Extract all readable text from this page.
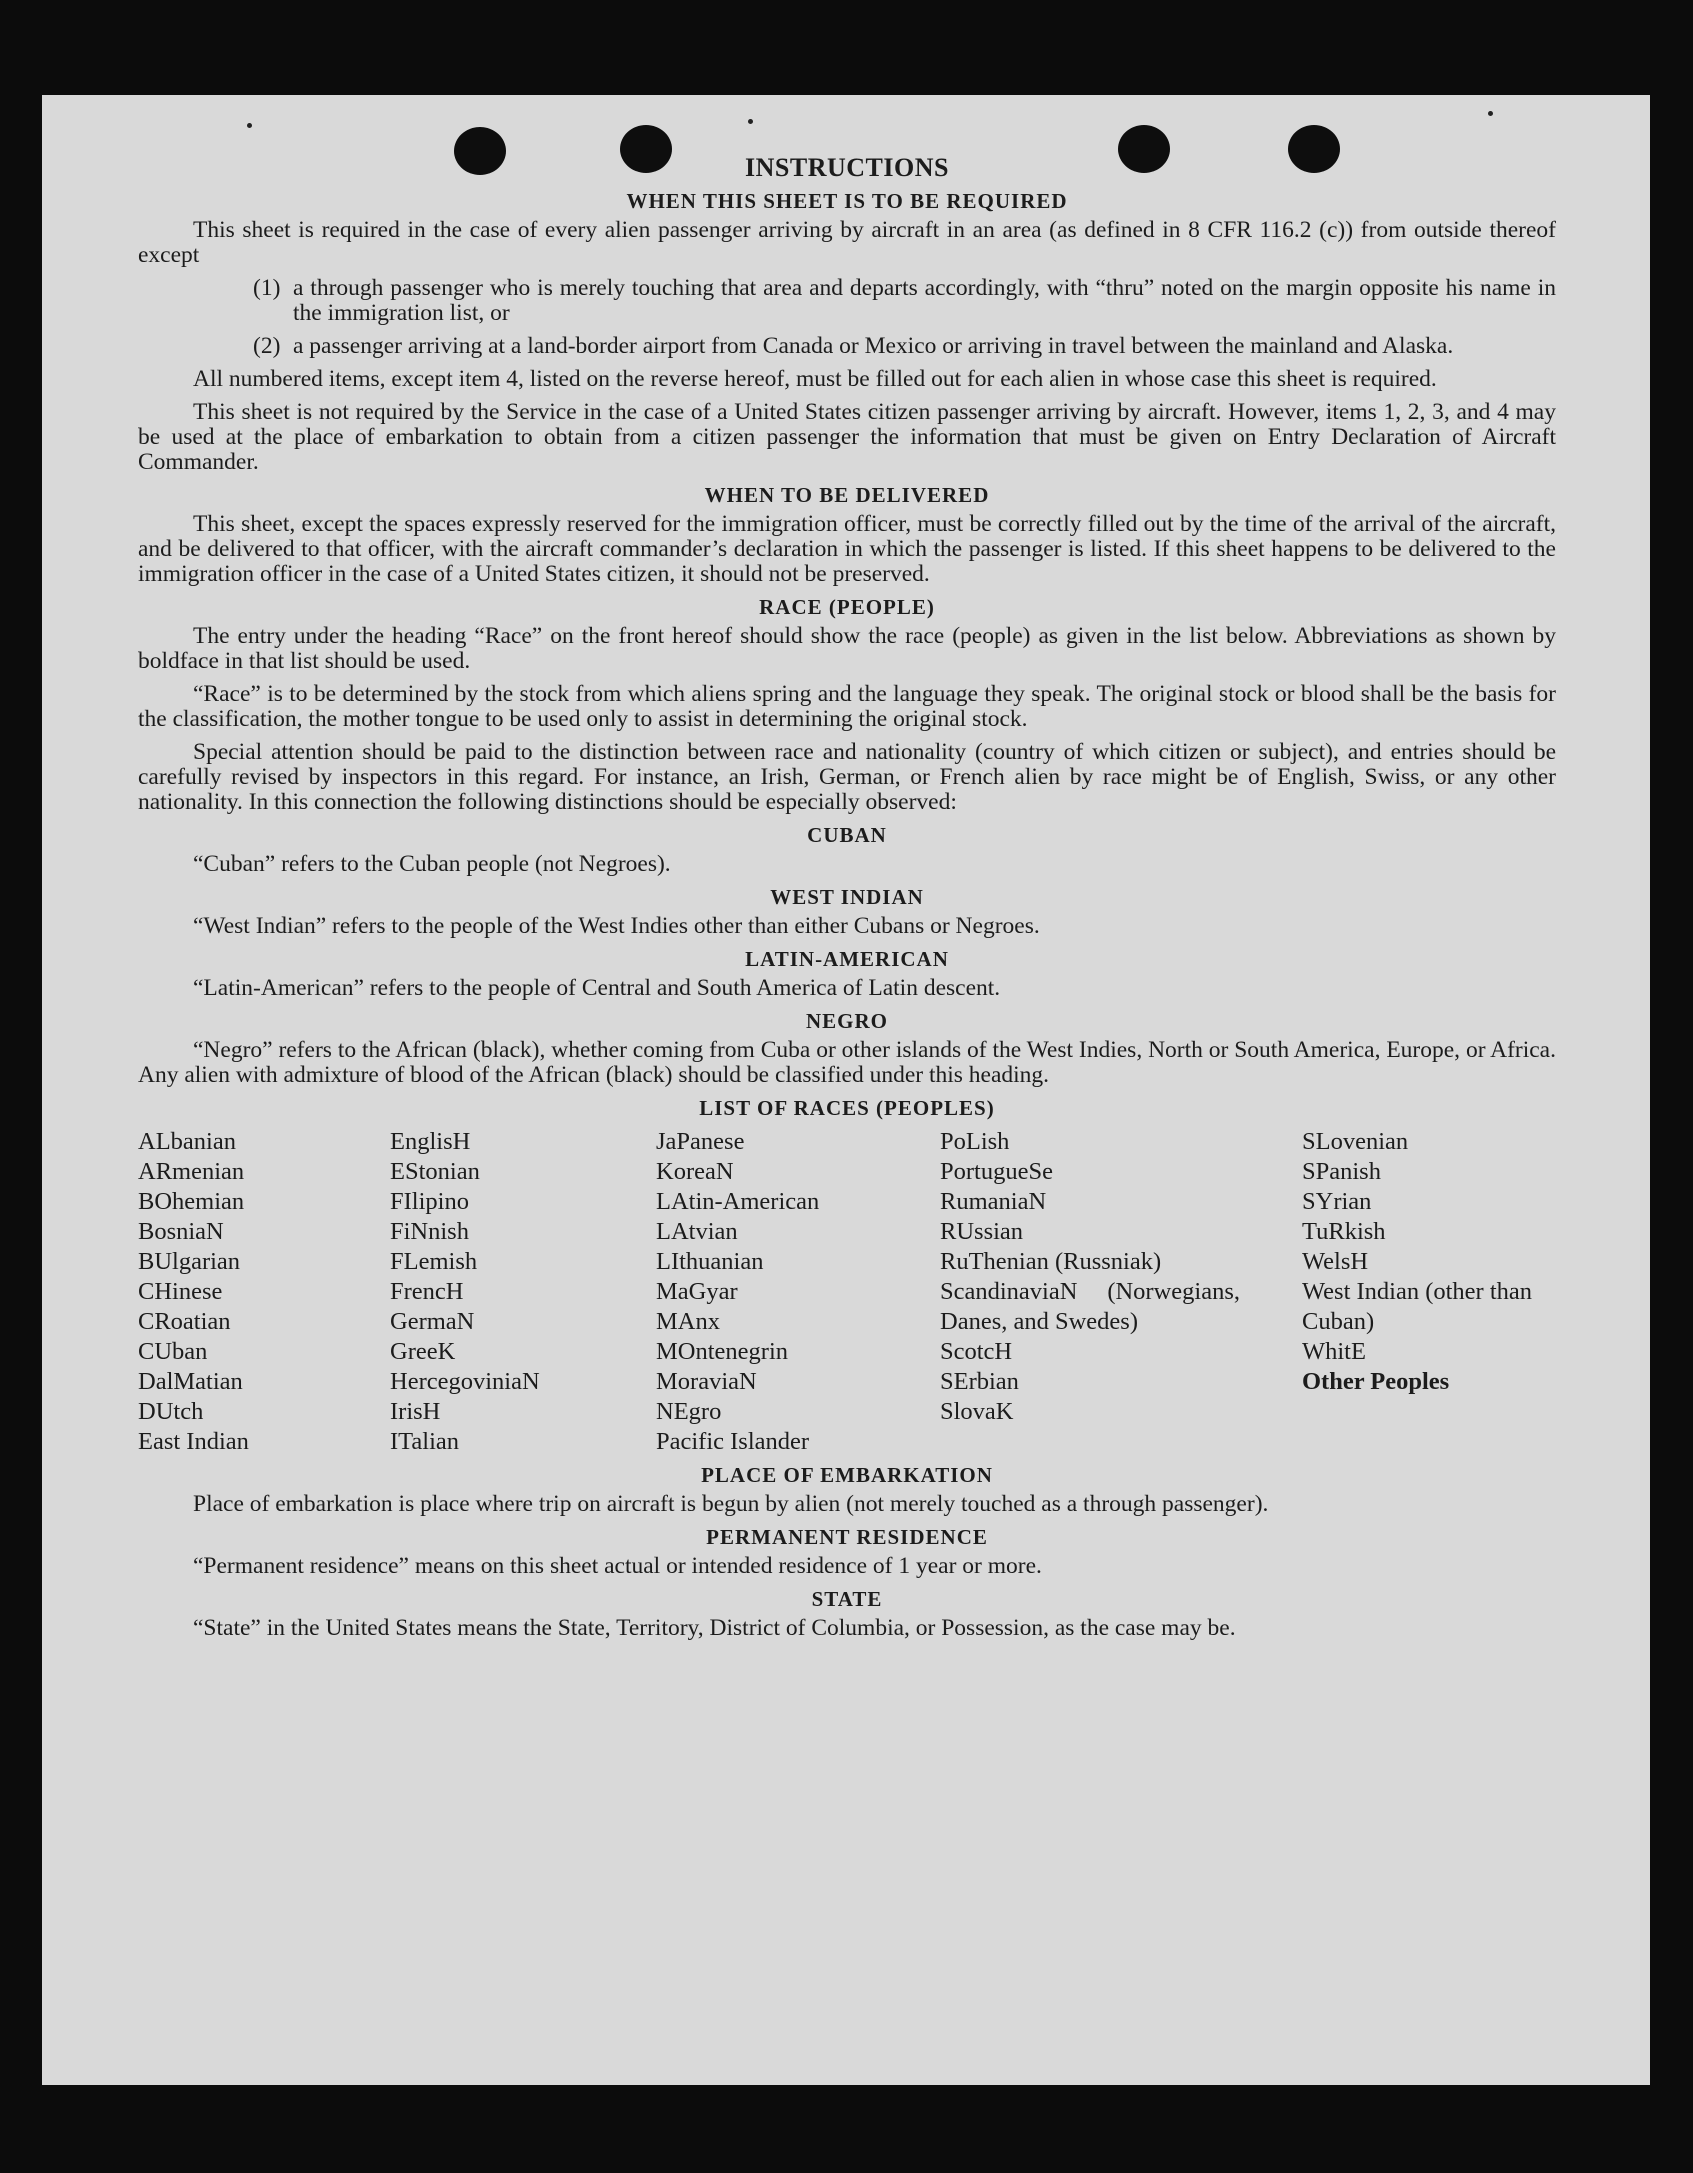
INSTRUCTIONS
WHEN THIS SHEET IS TO BE REQUIRED

This sheet is required in the case of every alien passenger arriving by aircraft in an area (as defined in 8 CFR 116.2 (c)) from outside thereof except

(1) a through passenger who is merely touching that area and departs accordingly, with “thru” noted on the margin opposite his name in the immigration list, or
(2) a passenger arriving at a land-border airport from Canada or Mexico or arriving in travel between the mainland and Alaska.

All numbered items, except item 4, listed on the reverse hereof, must be filled out for each alien in whose case this sheet is required.

This sheet is not required by the Service in the case of a United States citizen passenger arriving by aircraft. However, items 1, 2, 3, and 4 may be used at the place of embarkation to obtain from a citizen passenger the information that must be given on Entry Declaration of Aircraft Commander.

WHEN TO BE DELIVERED

This sheet, except the spaces expressly reserved for the immigration officer, must be correctly filled out by the time of the arrival of the aircraft, and be delivered to that officer, with the aircraft commander’s declaration in which the passenger is listed. If this sheet happens to be delivered to the immigration officer in the case of a United States citizen, it should not be preserved.

RACE (PEOPLE)

The entry under the heading “Race” on the front hereof should show the race (people) as given in the list below. Abbreviations as shown by boldface in that list should be used.

“Race” is to be determined by the stock from which aliens spring and the language they speak. The original stock or blood shall be the basis for the classification, the mother tongue to be used only to assist in determining the original stock.

Special attention should be paid to the distinction between race and nationality (country of which citizen or subject), and entries should be carefully revised by inspectors in this regard. For instance, an Irish, German, or French alien by race might be of English, Swiss, or any other nationality. In this connection the following distinctions should be especially observed:

CUBAN

“Cuban” refers to the Cuban people (not Negroes).

WEST INDIAN

“West Indian” refers to the people of the West Indies other than either Cubans or Negroes.

LATIN-AMERICAN

“Latin-American” refers to the people of Central and South America of Latin descent.

NEGRO

“Negro” refers to the African (black), whether coming from Cuba or other islands of the West Indies, North or South America, Europe, or Africa. Any alien with admixture of blood of the African (black) should be classified under this heading.

LIST OF RACES (PEOPLES)
ALbanian
ARmenian
BOhemian
BosniaN
BUlgarian
CHinese
CRoatian
CUban
DalMatian
DUtch
East Indian
EnglisH
EStonian
FIlipino
FiNnish
FLemish
FrencH
GermaN
GreeK
HercegoviniaN
IrisH
ITalian
JaPanese
KoreaN
LAtin-American
LAtvian
LIthuanian
MaGyar
MAnx
MOntenegrin
MoraviaN
NEgro
Pacific Islander
PoLish
PortugueSe
RumaniaN
RUssian
RuThenian (Russniak)
ScandinaviaN (Norwegians, Danes, and Swedes)
ScotcH
SErbian
SlovaK
SLovenian
SPanish
SYrian
TuRkish
WelsH
West Indian (other than Cuban)
WhitE
Other Peoples
PLACE OF EMBARKATION

Place of embarkation is place where trip on aircraft is begun by alien (not merely touched as a through passenger).

PERMANENT RESIDENCE

“Permanent residence” means on this sheet actual or intended residence of 1 year or more.

STATE

“State” in the United States means the State, Territory, District of Columbia, or Possession, as the case may be.
